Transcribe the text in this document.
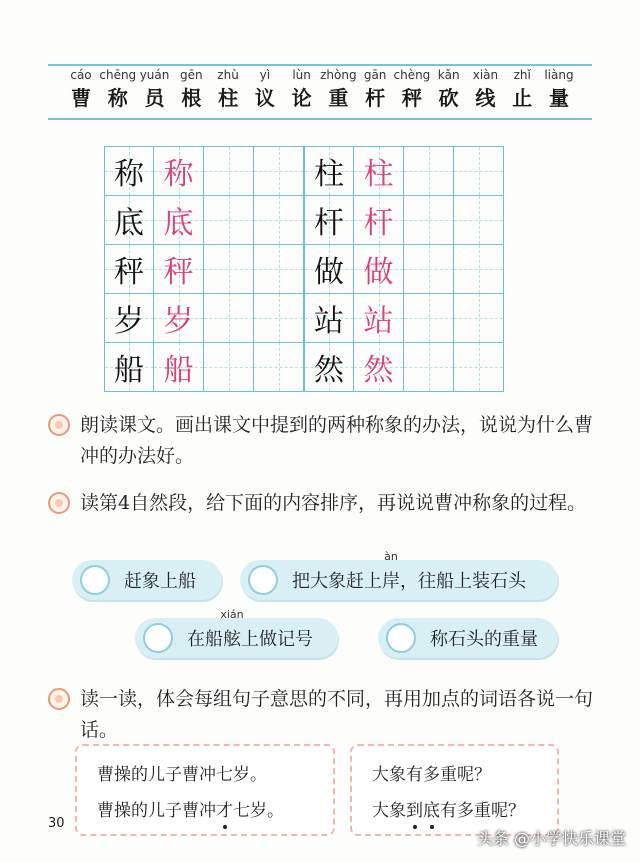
cáo
曹
chēng
称
yuán
员
gēn
根
zhù
柱
yì
议
lùn
论
zhòng
重
gān
杆
chèng
秤
kǎn
砍
xiàn
线
zhǐ
止
liàng
量
称 称	柱 柱
底 底	杆 杆
秤 秤	做 做
岁 岁	站 站
船 船	然 然
朗读课文。画出课文中提到的两种称象的办法，说说为什么曹冲的办法好。
读第4自然段，给下面的内容排序，再说说曹冲称象的过程。
赶象上船	把大象赶上
àn
岸，往船上装石头
在船
xián
舷上做记号	称石头的重量
读一读，体会每组句子意思的不同，再用加点的词语各说一句话。
曹操的儿子曹冲七岁。
曹操的儿子曹冲才七岁。
大象有多重呢？
大象到底有多重呢？
30
头条 @小学快乐课堂
